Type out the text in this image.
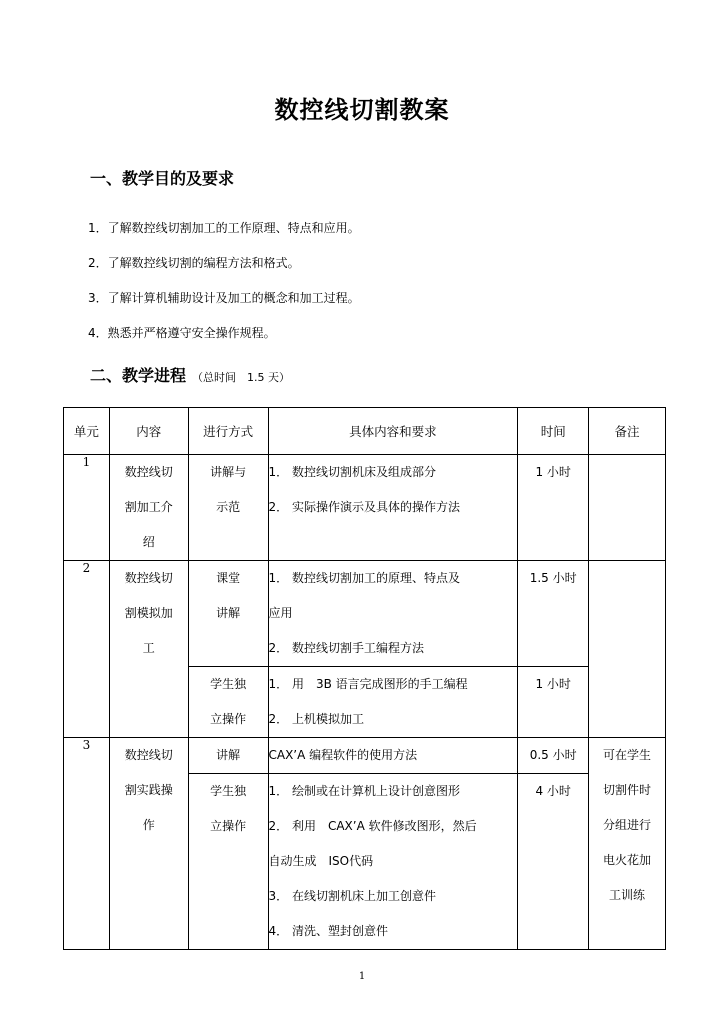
数控线切割教案
一、教学目的及要求
1．了解数控线切割加工的工作原理、特点和应用。
2．了解数控线切割的编程方法和格式。
3．了解计算机辅助设计及加工的概念和加工过程。
4．熟悉并严格遵守安全操作规程。
二、教学进程 （总时间　1.5 天）
单元	内容	进行方式	具体内容和要求	时间	备注
1	数控线切
割加工介
绍	讲解与
示范	1． 数控线切割机床及组成部分
2． 实际操作演示及具体的操作方法	1 小时	
2	数控线切
割模拟加
工	课堂
讲解	1． 数控线切割加工的原理、特点及
应用
2． 数控线切割手工编程方法	1.5 小时	

		学生独
立操作	1． 用　3B 语言完成图形的手工编程
2． 上机模拟加工	1 小时	
3	数控线切
割实践操
作	讲解	CAX’A 编程软件的使用方法	0.5 小时	可在学生
切割件时
分组进行
电火花加
工训练

		学生独
立操作	1． 绘制或在计算机上设计创意图形
2． 利用　CAX’A 软件修改图形，然后
自动生成　ISO代码
3． 在线切割机床上加工创意件
4． 清洗、塑封创意件	4 小时	
1
